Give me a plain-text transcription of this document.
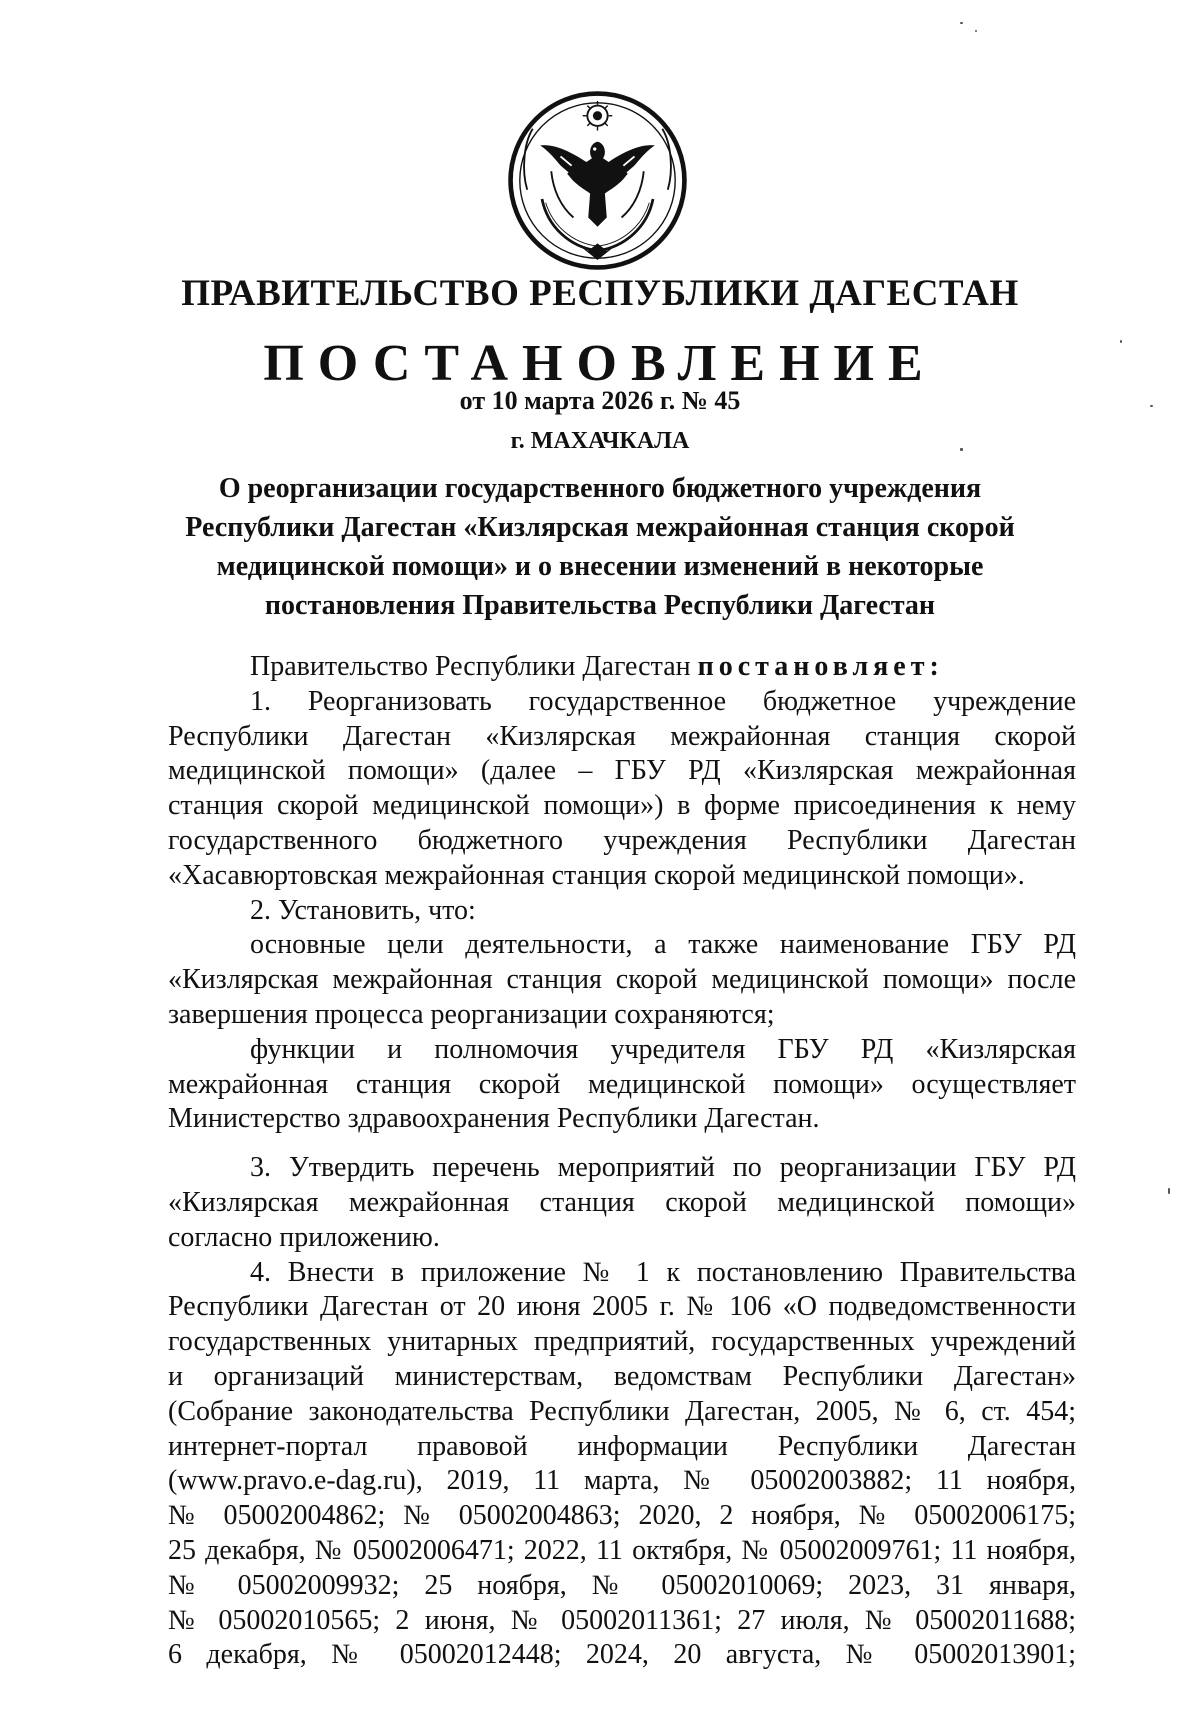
ПРАВИТЕЛЬСТВО РЕСПУБЛИКИ ДАГЕСТАН
ПОСТАНОВЛЕНИЕ
от 10 марта 2026 г. № 45
г. МАХАЧКАЛА
О реорганизации государственного бюджетного учреждения
Республики Дагестан «Кизлярская межрайонная станция скорой
медицинской помощи» и о внесении изменений в некоторые
постановления Правительства Республики Дагестан

Правительство Республики Дагестан постановляет:

1. Реорганизовать государственное бюджетное учреждение

Республики Дагестан «Кизлярская межрайонная станция скорой

медицинской помощи» (далее – ГБУ РД «Кизлярская межрайонная

станция скорой медицинской помощи») в форме присоединения к нему

государственного бюджетного учреждения Республики Дагестан

«Хасавюртовская межрайонная станция скорой медицинской помощи».

2. Установить, что:

основные цели деятельности, а также наименование ГБУ РД

«Кизлярская межрайонная станция скорой медицинской помощи» после

завершения процесса реорганизации сохраняются;

функции и полномочия учредителя ГБУ РД «Кизлярская

межрайонная станция скорой медицинской помощи» осуществляет

Министерство здравоохранения Республики Дагестан.

3. Утвердить перечень мероприятий по реорганизации ГБУ РД

«Кизлярская межрайонная станция скорой медицинской помощи»

согласно приложению.

4. Внести в приложение № 1 к постановлению Правительства

Республики Дагестан от 20 июня 2005 г. № 106 «О подведомственности

государственных унитарных предприятий, государственных учреждений

и организаций министерствам, ведомствам Республики Дагестан»

(Собрание законодательства Республики Дагестан, 2005, № 6, ст. 454;

интернет-портал правовой информации Республики Дагестан

(www.pravo.e-dag.ru), 2019, 11 марта, № 05002003882; 11 ноября,

№ 05002004862; № 05002004863; 2020, 2 ноября, № 05002006175;

25 декабря, № 05002006471; 2022, 11 октября, № 05002009761; 11 ноября,

№ 05002009932; 25 ноября, № 05002010069; 2023, 31 января,

№ 05002010565; 2 июня, № 05002011361; 27 июля, № 05002011688;

6 декабря, № 05002012448; 2024, 20 августа, № 05002013901;
